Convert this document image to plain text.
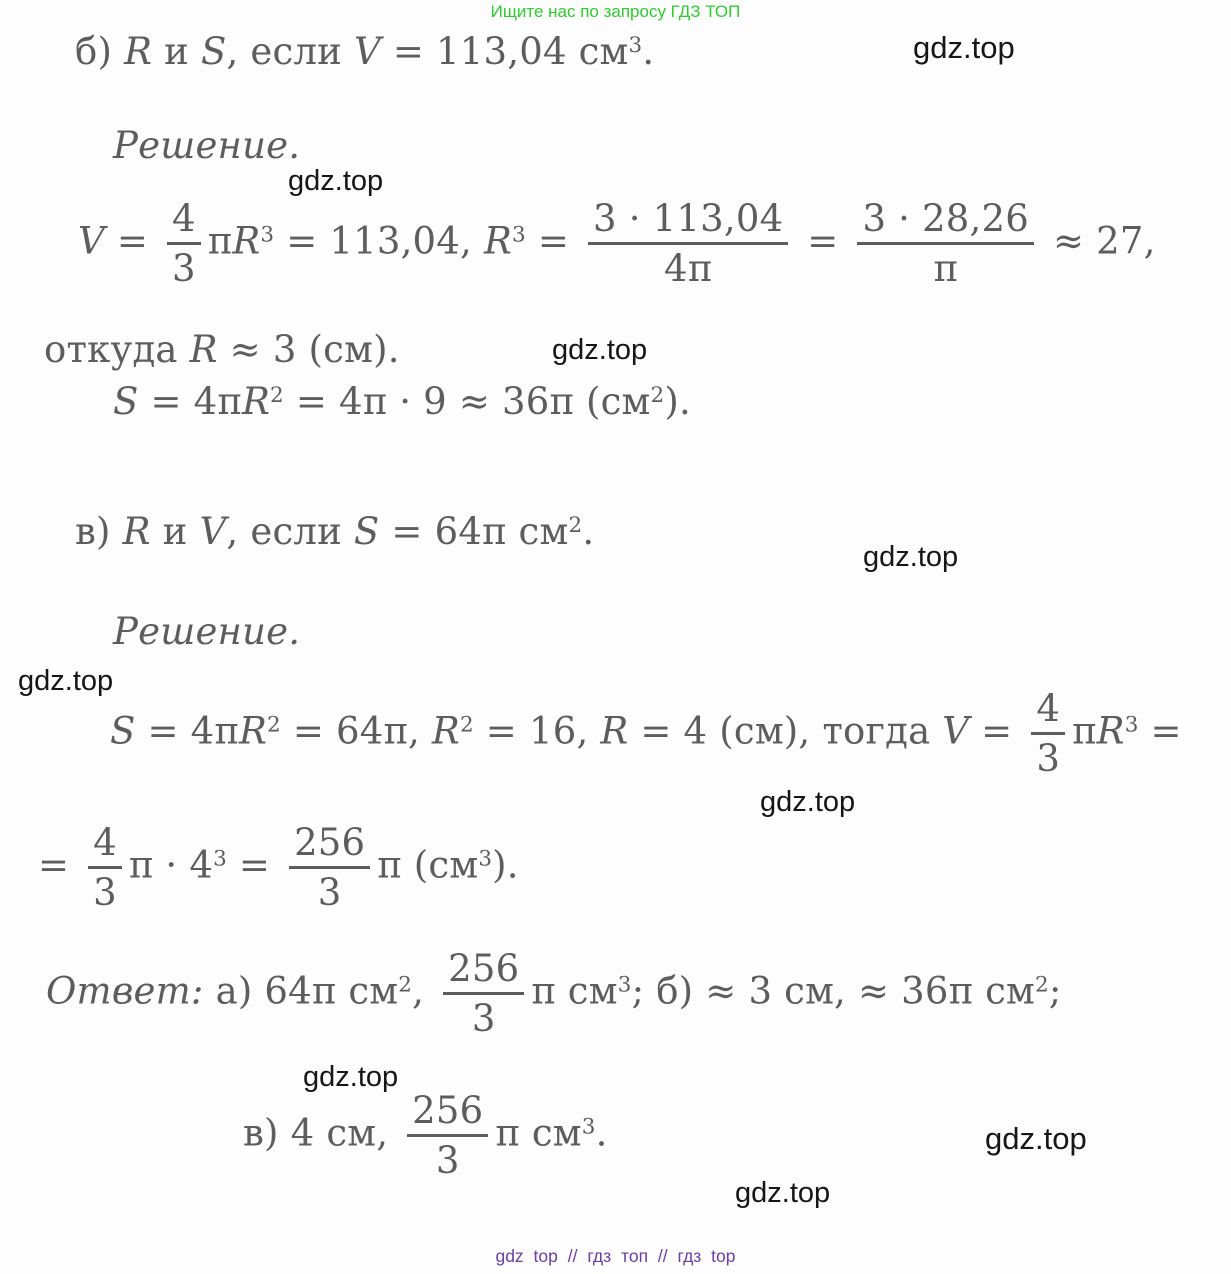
Ищите нас по запросу ГДЗ ТОП
б) R и S, если V = 113,04 $см^3$.	gdz.top
Решение.
gdz.top
$V = \frac{4}{3} \pi R^3 = 113,04$, $R^3 = \frac{3 \cdot 113,04}{4\pi} = \frac{3 \cdot 28,26}{\pi} \approx 27$,
откуда R ≈ 3 (см).	gdz.top
$S = 4\pi R^2 = 4\pi \cdot 9 \approx 36\pi$ $(см^2)$.
в) R и V, если S = 64π $см^2$.
gdz.top
Решение.
gdz.top
$S = 4\pi R^2 = 64\pi$, $R^2 = 16$, R = 4 (см), тогда $V = \frac{4}{3} \pi R^3$ =
gdz.top
= $\frac{4}{3}$ $\pi \cdot 4^3 = \frac{256}{3}$ π $(см^3)$.
Ответ: а) 64π $см^2$, $\frac{256}{3}$ π $см^3$; б) ≈ 3 см, ≈ 36π $см^2$;
gdz.top
в) 4 см, $\frac{256}{3}$ π $см^3$.	gdz.top
gdz.top
gdz top // гдз топ // гдз top
